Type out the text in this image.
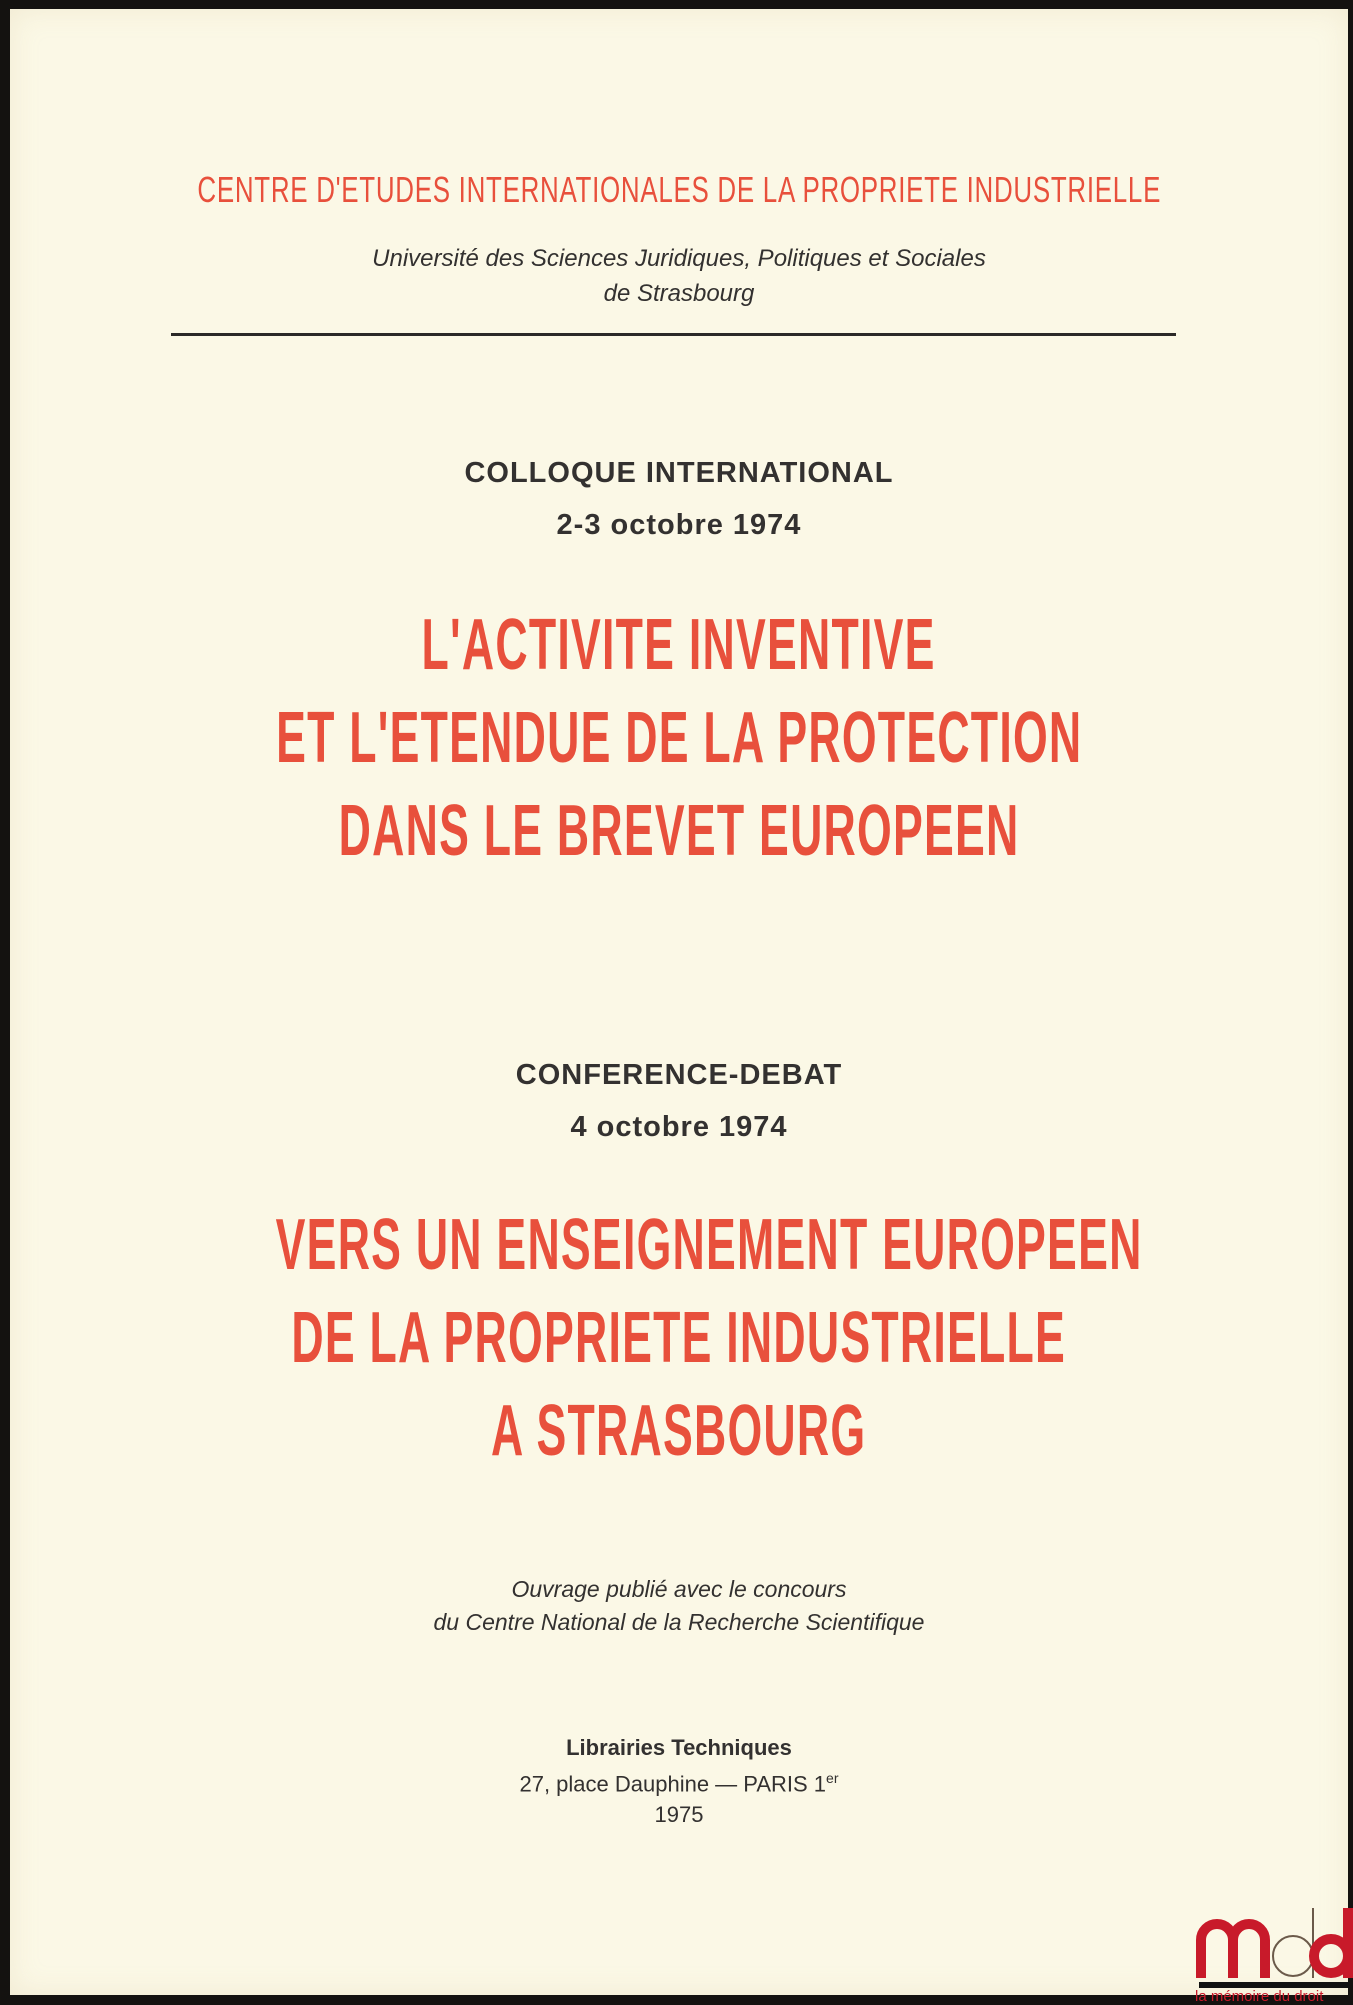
CENTRE D'ETUDES INTERNATIONALES DE LA PROPRIETE INDUSTRIELLE
Université des Sciences Juridiques, Politiques et Sociales
de Strasbourg
COLLOQUE INTERNATIONAL
2-3 octobre 1974
L'ACTIVITE INVENTIVE
ET L'ETENDUE DE LA PROTECTION
DANS LE BREVET EUROPEEN
CONFERENCE-DEBAT
4 octobre 1974
VERS UN ENSEIGNEMENT EUROPEEN
DE LA PROPRIETE INDUSTRIELLE
A STRASBOURG
Ouvrage publié avec le concours
du Centre National de la Recherche Scientifique
Librairies Techniques
27, place Dauphine — PARIS 1er
1975
la mémoire du droit
